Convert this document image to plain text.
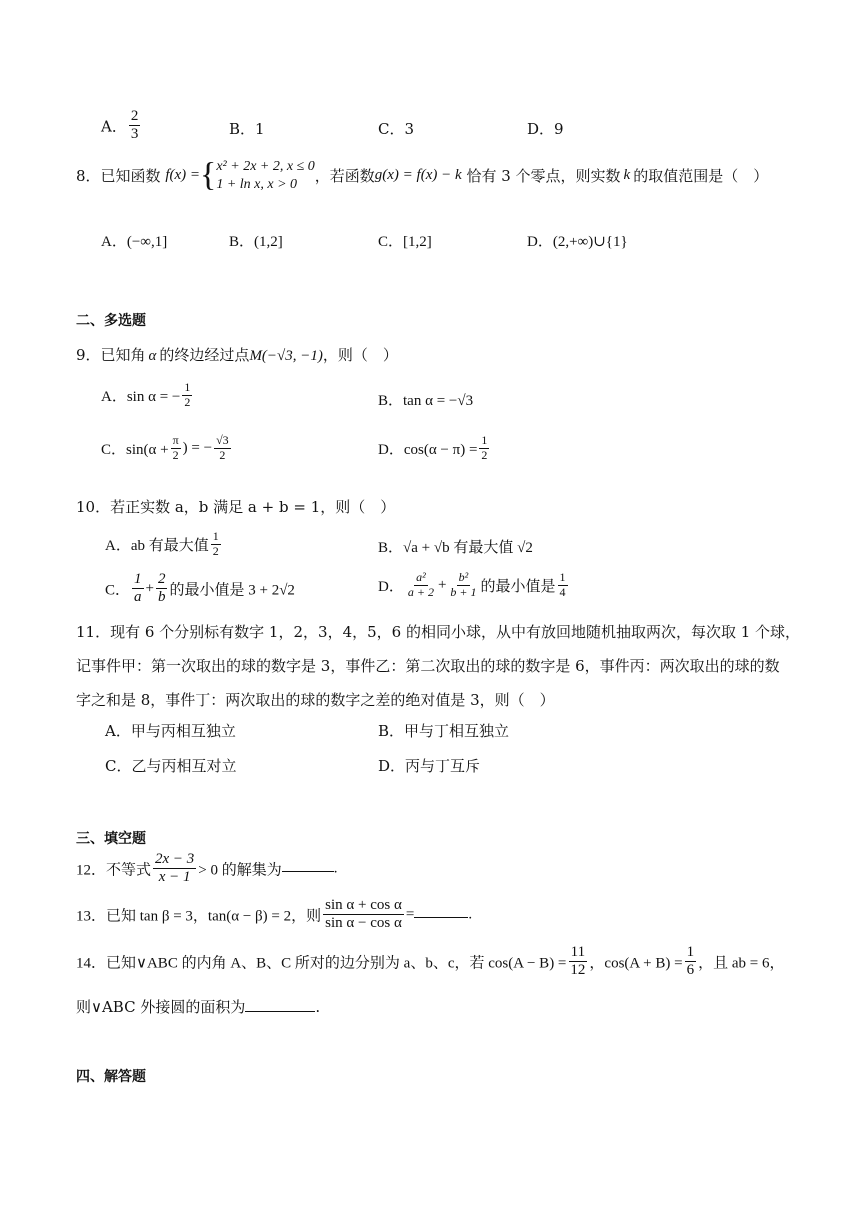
A． $\frac{2}{3}$	B．1	C．3	D．9
8．已知函数 f(x) ={ x² + 2x + 2, x ≤ 0
1 + ln x, x > 0	，若函数g(x) = f(x) − k 恰有 3 个零点，则实数 k 的取值范围是（　）
A．(−∞,1]	B．(1,2]	C．[1,2]	D．(2,+∞)∪{1}
二、多选题
9．已知角 α 的终边经过点M(−√3, −1)，则（　）
A．sin α = − $\frac{1}{2}$	B．tan α = −√3
C．$\sin(\alpha + \frac{\pi}{2}$ ) = − $\frac{√3}{2}$	D．$\cos(\alpha - \pi) = \frac{1}{2}$
10．若正实数 a，b 满足 a + b = 1，则（　）
A．ab 有最大值 $\frac{1}{2}$	B．√a + √b 有最大值 √2
C． $\frac{1}{a} + \frac{2}{b}$ 的最小值是 3 + 2√2	D． $\frac{\text{a²}}{a + 2} + \frac{\text{b²}}{b + 1}$ 的最小值是 $\frac{1}{4}$
11．现有 6 个分别标有数字 1，2，3，4，5，6 的相同小球，从中有放回地随机抽取两次，每次取 1 个球，
记事件甲：第一次取出的球的数字是 3，事件乙：第二次取出的球的数字是 6，事件丙：两次取出的球的数
字之和是 8，事件丁：两次取出的球的数字之差的绝对值是 3，则（　）
A．甲与丙相互独立	B．甲与丁相互独立
C．乙与丙相互对立	D．丙与丁互斥
三、填空题
12．不等式 $\frac{2x - 3}{x - 1} > 0$ 的解集为	.
13．已知 tan β = 3，tan(α − β) = 2，则 $\frac{\text{sin α + cos α}}{\text{sin α − cos α}}$ =	.
14．已知∨ABC 的内角 A、B、C 所对的边分别为 a、b、c，若 $\cos(A - B) = \frac{11}{12}$ ，$\cos(A + B) = \frac{1}{6}$ ，且 ab = 6，
则∨ABC 外接圆的面积为	.
四、解答题
